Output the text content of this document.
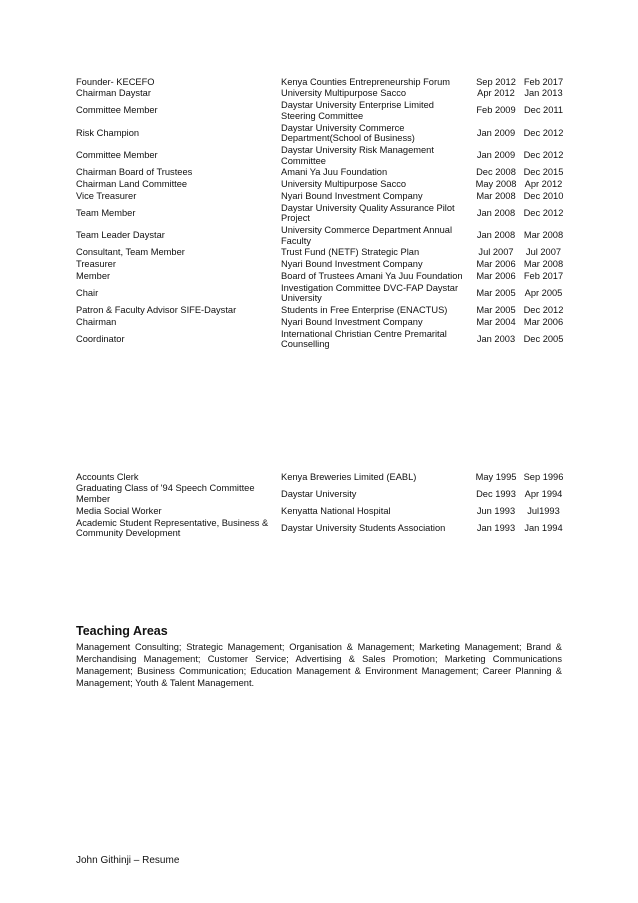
Founder- KECEFO	Kenya Counties Entrepreneurship Forum	Sep 2012	Feb 2017
Chairman Daystar	University Multipurpose Sacco	Apr 2012	Jan 2013
Committee Member	Daystar University Enterprise Limited Steering Committee	Feb 2009	Dec 2011
Risk Champion	Daystar University Commerce Department(School of Business)	Jan 2009	Dec 2012
Committee Member	Daystar University Risk Management Committee	Jan 2009	Dec 2012
Chairman Board of Trustees	Amani Ya Juu Foundation	Dec 2008	Dec 2015
Chairman Land Committee	University Multipurpose Sacco	May 2008	Apr 2012
Vice Treasurer	Nyari Bound Investment Company	Mar 2008	Dec 2010
Team Member	Daystar University Quality Assurance Pilot Project	Jan 2008	Dec 2012
Team Leader Daystar	University Commerce Department Annual Faculty	Jan 2008	Mar 2008
Consultant, Team Member	Trust Fund (NETF) Strategic Plan	Jul 2007	Jul 2007
Treasurer	Nyari Bound Investment Company	Mar 2006	Mar 2008
Member	Board of Trustees Amani Ya Juu Foundation	Mar 2006	Feb 2017
Chair	Investigation Committee DVC-FAP Daystar University	Mar 2005	Apr 2005
Patron & Faculty Advisor SIFE-Daystar	Students in Free Enterprise (ENACTUS)	Mar 2005	Dec 2012
Chairman	Nyari Bound Investment Company	Mar 2004	Mar 2006
Coordinator	International Christian Centre Premarital Counselling	Jan 2003	Dec 2005
Accounts Clerk	Kenya Breweries Limited (EABL)	May 1995	Sep 1996
Graduating Class of '94 Speech Committee Member	Daystar University	Dec 1993	Apr 1994
Media Social Worker	Kenyatta National Hospital	Jun 1993	Jul1993
Academic Student Representative, Business & Community Development	Daystar University Students Association	Jan 1993	Jan 1994
Teaching Areas

Management Consulting; Strategic Management; Organisation & Management; Marketing Management; Brand & Merchandising Management; Customer Service; Advertising & Sales Promotion; Marketing Communications Management; Business Communication; Education Management & Environment Management; Career Planning & Management; Youth & Talent Management.

John Githinji – Resume
